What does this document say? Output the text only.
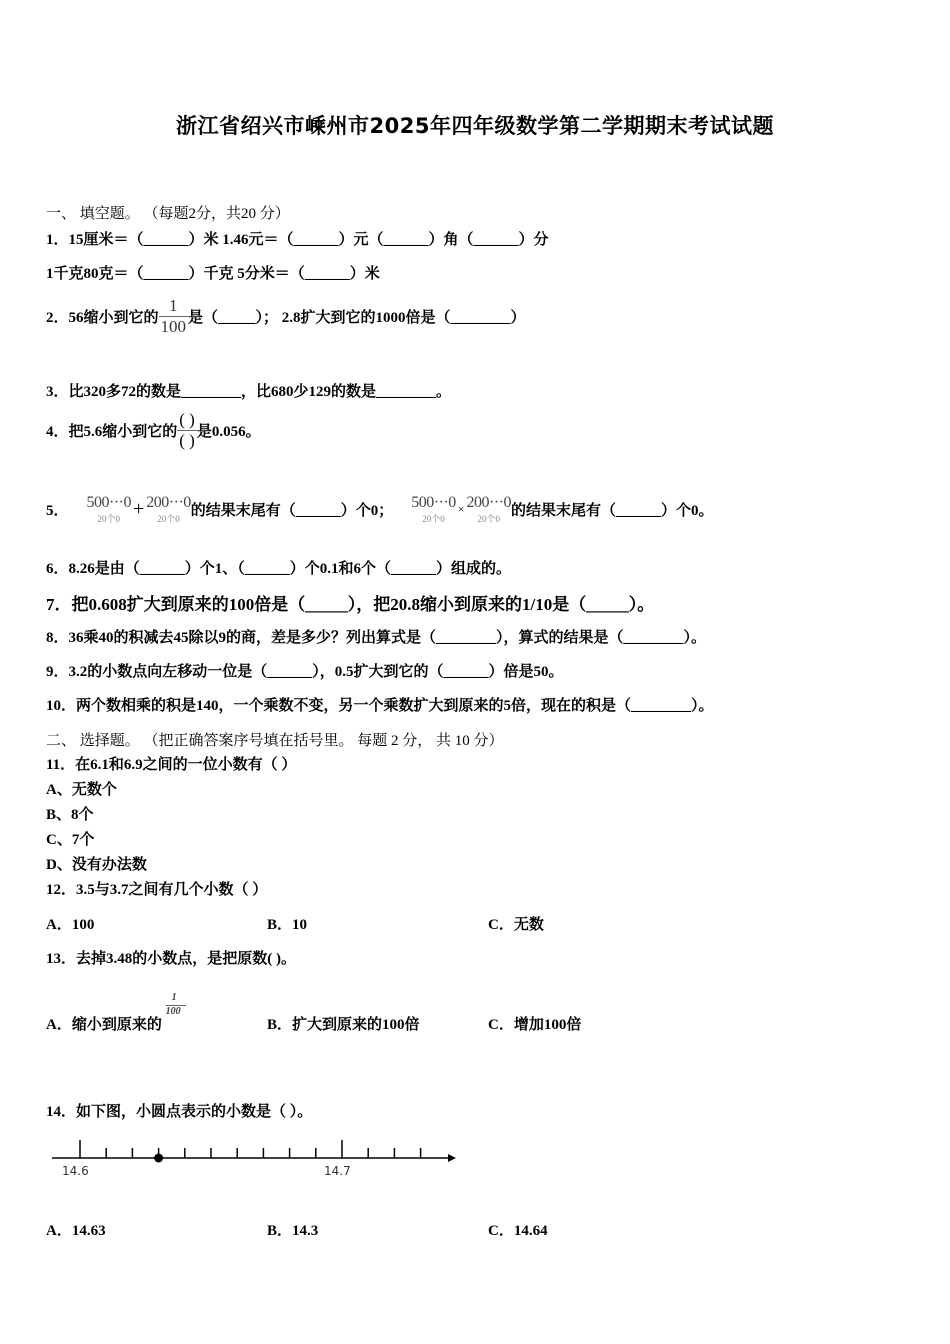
浙江省绍兴市嵊州市2025年四年级数学第二学期期末考试试题
一、 填空题。 （每题2分，共20 分）
1．15厘米＝（______）米 1.46元＝（______）元（______）角（______）分
1千克80克＝（______）千克 5分米＝（______）米
2．56缩小到它的 $\frac{1}{100}$ 是（_____）； 2.8扩大到它的1000倍是（________）
3．比320多72的数是________，比680少129的数是________。
4．把5.6缩小到它的 $\frac{( )}{( )}$ 是0.056。
5． 500···0
20个0 + 200···0
20个0 的结果末尾有（______）个0； 500···0
20个0
× 200···0
20个0 的结果末尾有（______）个0。
6．8.26是由（______）个1、（______）个0.1和6个（______）组成的。
7．把0.608扩大到原来的100倍是（_____），把20.8缩小到原来的1/10是（_____）。
8．36乘40的积减去45除以9的商，差是多少？列出算式是（________），算式的结果是（________）。
9．3.2的小数点向左移动一位是（______），0.5扩大到它的（______）倍是50。
10．两个数相乘的积是140，一个乘数不变，另一个乘数扩大到原来的5倍，现在的积是（________）。
二、 选择题。 （把正确答案序号填在括号里。 每题 2 分， 共 10 分）
11．在6.1和6.9之间的一位小数有（ ）
A、无数个
B、8个
C、7个
D、没有办法数
12．3.5与3.7之间有几个小数（ ）
A．100	B．10	C．无数
13．去掉3.48的小数点，是把原数( )。
A．缩小到原来的 $\frac{1}{100}$	B．扩大到原来的100倍	C．增加100倍
14．如下图，小圆点表示的小数是（ ）。
14.6	14.7
A．14.63	B．14.3	C．14.64
